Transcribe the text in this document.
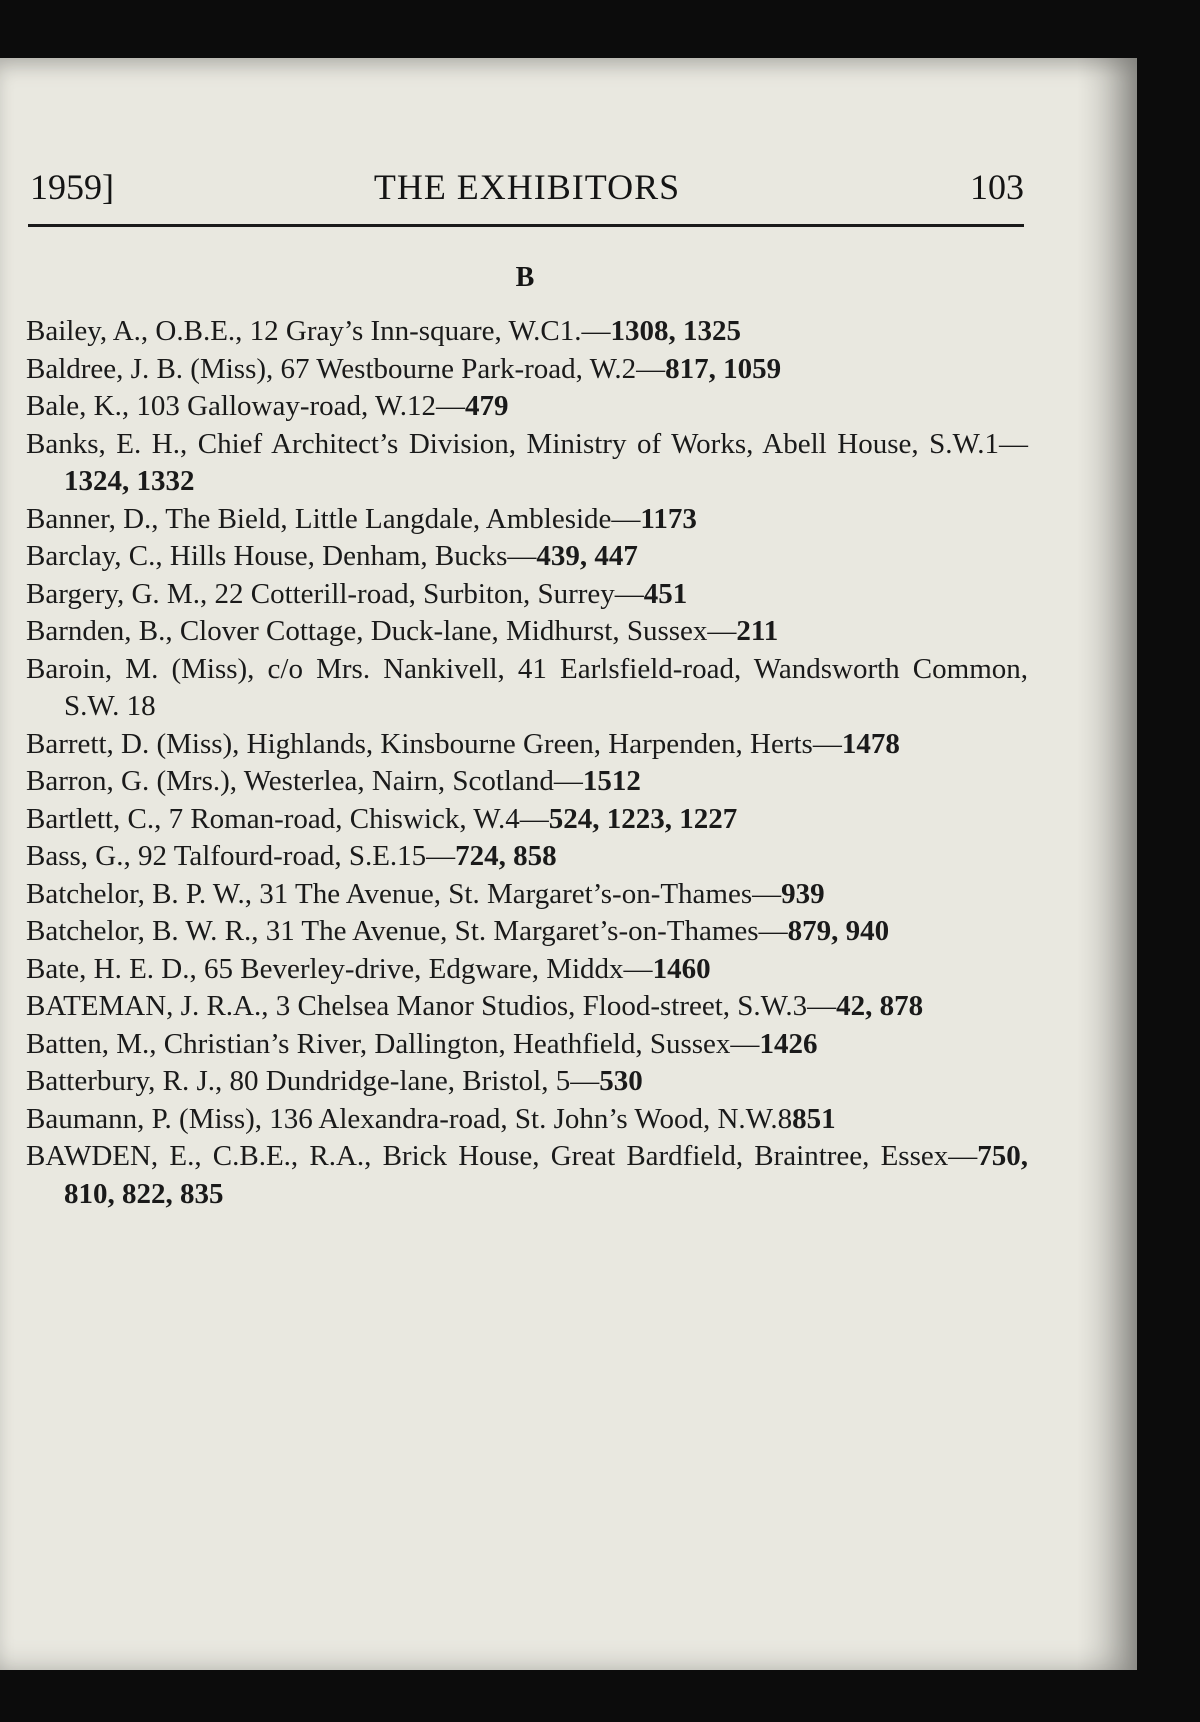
1959]	THE EXHIBITORS	103
B
Bailey, A., O.B.E., 12 Gray’s Inn-square, W.C1.—1308, 1325
Baldree, J. B. (Miss), 67 Westbourne Park-road, W.2—817, 1059
Bale, K., 103 Galloway-road, W.12—479
Banks, E. H., Chief Architect’s Division, Ministry of Works, Abell House, S.W.1—1324, 1332
Banner, D., The Bield, Little Langdale, Ambleside—1173
Barclay, C., Hills House, Denham, Bucks—439, 447
Bargery, G. M., 22 Cotterill-road, Surbiton, Surrey—451
Barnden, B., Clover Cottage, Duck-lane, Midhurst, Sussex—211
Baroin, M. (Miss), c/o Mrs. Nankivell, 41 Earlsfield-road, Wandsworth Common, S.W. 18
Barrett, D. (Miss), Highlands, Kinsbourne Green, Harpenden, Herts—1478
Barron, G. (Mrs.), Westerlea, Nairn, Scotland—1512
Bartlett, C., 7 Roman-road, Chiswick, W.4—524, 1223, 1227
Bass, G., 92 Talfourd-road, S.E.15—724, 858
Batchelor, B. P. W., 31 The Avenue, St. Margaret’s-on-Thames—939
Batchelor, B. W. R., 31 The Avenue, St. Margaret’s-on-Thames—879, 940
Bate, H. E. D., 65 Beverley-drive, Edgware, Middx—1460
BATEMAN, J. R.A., 3 Chelsea Manor Studios, Flood-street, S.W.3—42, 878
Batten, M., Christian’s River, Dallington, Heathfield, Sussex—1426
Batterbury, R. J., 80 Dundridge-lane, Bristol, 5—530
Baumann, P. (Miss), 136 Alexandra-road, St. John’s Wood, N.W.8851
BAWDEN, E., C.B.E., R.A., Brick House, Great Bardfield, Braintree, Essex—750, 810, 822, 835
